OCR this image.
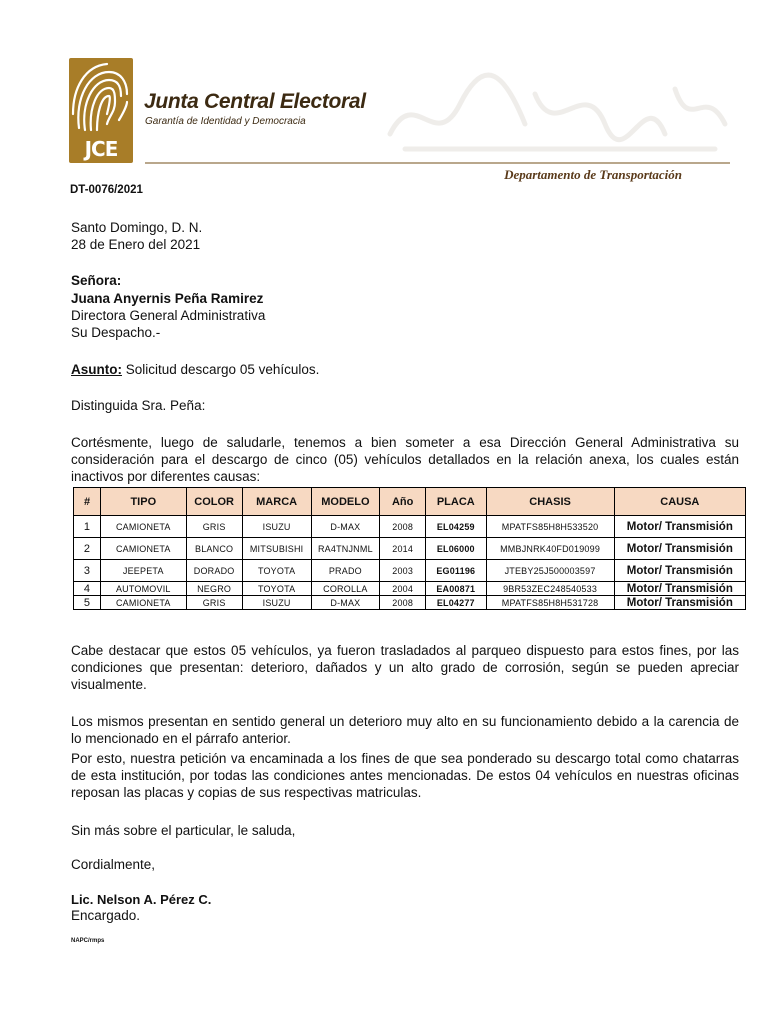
JCE
Junta Central Electoral
Garantía de Identidad y Democracia
Departamento de Transportación
DT-0076/2021
Santo Domingo, D. N.
28 de Enero del 2021
Señora:
Juana Anyernis Peña Ramirez
Directora General Administrativa
Su Despacho.-
Asunto: Solicitud descargo 05 vehículos.
Distinguida Sra. Peña:
Cortésmente, luego de saludarle, tenemos a bien someter a esa Dirección General Administrativa su consideración para el descargo de cinco (05) vehículos detallados en la relación anexa, los cuales están inactivos por diferentes causas:
#	TIPO	COLOR	MARCA	MODELO	Año	PLACA	CHASIS	CAUSA
1	CAMIONETA	GRIS	ISUZU	D-MAX	2008	EL04259	MPATFS85H8H533520	Motor/ Transmisión
2	CAMIONETA	BLANCO	MITSUBISHI	RA4TNJNML	2014	EL06000	MMBJNRK40FD019099	Motor/ Transmisión
3	JEEPETA	DORADO	TOYOTA	PRADO	2003	EG01196	JTEBY25J500003597	Motor/ Transmisión
4	AUTOMOVIL	NEGRO	TOYOTA	COROLLA	2004	EA00871	9BR53ZEC248540533	Motor/ Transmisión
5	CAMIONETA	GRIS	ISUZU	D-MAX	2008	EL04277	MPATFS85H8H531728	Motor/ Transmisión
Cabe destacar que estos 05 vehículos, ya fueron trasladados al parqueo dispuesto para estos fines, por las condiciones que presentan: deterioro, dañados y un alto grado de corrosión, según se pueden apreciar visualmente.
Los mismos presentan en sentido general un deterioro muy alto en su funcionamiento debido a la carencia de lo mencionado en el párrafo anterior.
Por esto, nuestra petición va encaminada a los fines de que sea ponderado su descargo total como chatarras de esta institución, por todas las condiciones antes mencionadas. De estos 04 vehículos en nuestras oficinas reposan las placas y copias de sus respectivas matriculas.
Sin más sobre el particular, le saluda,
Cordialmente,
Lic. Nelson A. Pérez C.
Encargado.
NAPC/rmps
